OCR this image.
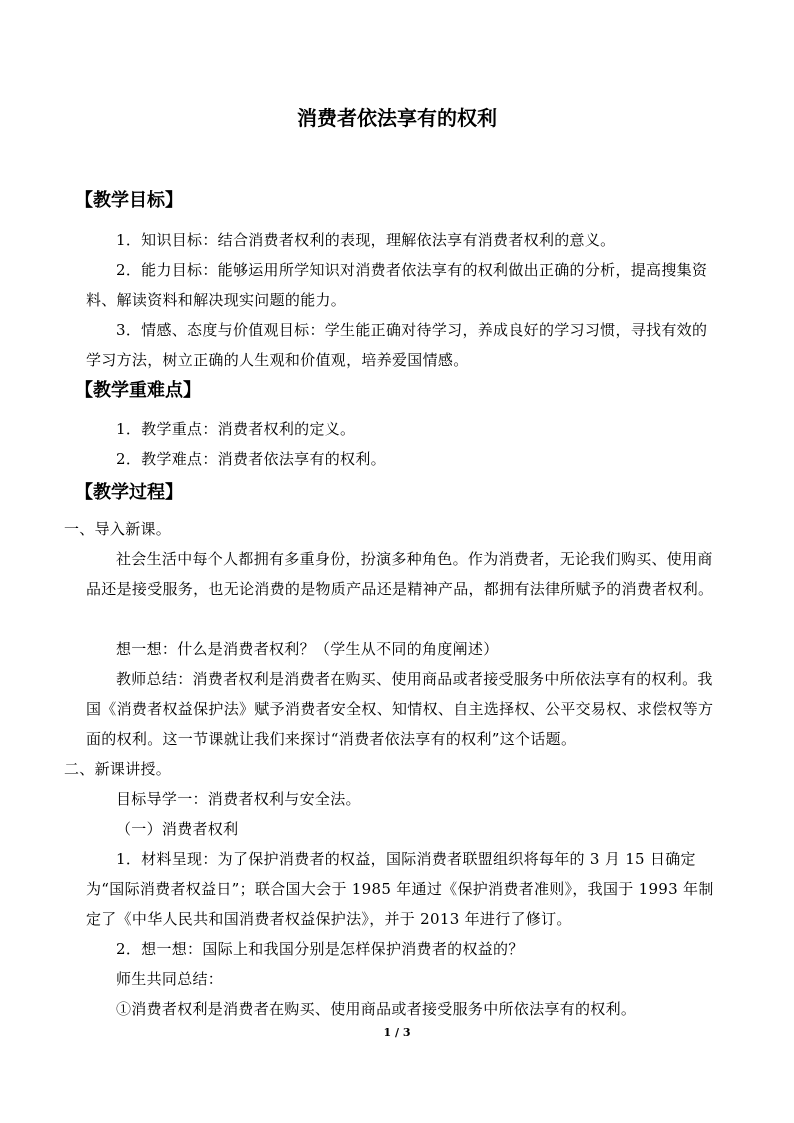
消费者依法享有的权利
【教学目标】
1．知识目标：结合消费者权利的表现，理解依法享有消费者权利的意义。
2．能力目标：能够运用所学知识对消费者依法享有的权利做出正确的分析，提高搜集资料、解读资料和解决现实问题的能力。
3．情感、态度与价值观目标：学生能正确对待学习，养成良好的学习习惯，寻找有效的学习方法，树立正确的人生观和价值观，培养爱国情感。
【教学重难点】
1．教学重点：消费者权利的定义。
2．教学难点：消费者依法享有的权利。
【教学过程】
一、导入新课。
社会生活中每个人都拥有多重身份，扮演多种角色。作为消费者，无论我们购买、使用商品还是接受服务，也无论消费的是物质产品还是精神产品，都拥有法律所赋予的消费者权利。
想一想：什么是消费者权利？（学生从不同的角度阐述）
教师总结：消费者权利是消费者在购买、使用商品或者接受服务中所依法享有的权利。我国《消费者权益保护法》赋予消费者安全权、知情权、自主选择权、公平交易权、求偿权等方面的权利。这一节课就让我们来探讨“消费者依法享有的权利”这个话题。
二、新课讲授。
目标导学一：消费者权利与安全法。
（一）消费者权利
1．材料呈现：为了保护消费者的权益，国际消费者联盟组织将每年的 3 月 15 日确定为“国际消费者权益日”；联合国大会于 1985 年通过《保护消费者准则》，我国于 1993 年制定了《中华人民共和国消费者权益保护法》，并于 2013 年进行了修订。
2．想一想：国际上和我国分别是怎样保护消费者的权益的？
师生共同总结：
①消费者权利是消费者在购买、使用商品或者接受服务中所依法享有的权利。
1 / 3
